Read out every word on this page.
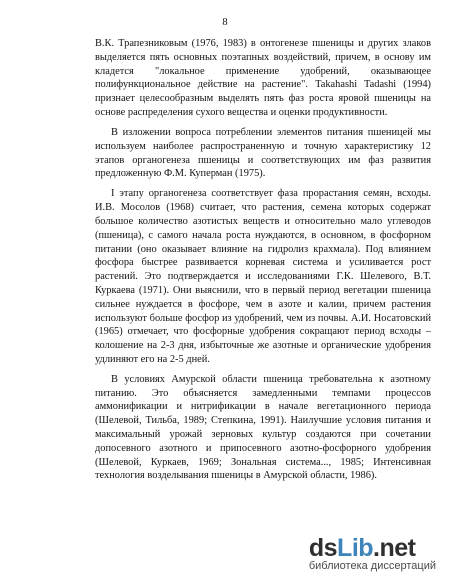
8

В.К. Трапезниковым (1976, 1983) в онтогенезе пшеницы и других злаков выделяется пять основных поэтапных воздействий, причем, в основу им кладется "локальное применение удобрений, оказывающее полифункциональное действие на растение". Takahashi Tadashi (1994) признает целесообразным выделять пять фаз роста яровой пшеницы на основе распределения сухого вещества и оценки продуктивности.

В изложении вопроса потреблении элементов питания пшеницей мы используем наиболее распространенную и точную характеристику 12 этапов органогенеза пшеницы и соответствующих им фаз развития предложенную Ф.М. Куперман (1975).

I этапу органогенеза соответствует фаза прорастания семян, всходы. И.В. Мосолов (1968) считает, что растения, семена которых содержат большое количество азотистых веществ и относительно мало углеводов (пшеница), с самого начала роста нуждаются, в основном, в фосфорном питании (оно оказывает влияние на гидролиз крахмала). Под влиянием фосфора быстрее развивается корневая система и усиливается рост растений. Это подтверждается и исследованиями Г.К. Шелевого, В.Т. Куркаева (1971). Они выяснили, что в первый период вегетации пшеница сильнее нуждается в фосфоре, чем в азоте и калии, причем растения используют больше фосфор из удобрений, чем из почвы. А.И. Носатовский (1965) отмечает, что фосфорные удобрения сокращают период всходы – колошение на 2-3 дня, избыточные же азотные и органические удобрения удлиняют его на 2-5 дней.

В условиях Амурской области пшеница требовательна к азотному питанию. Это объясняется замедленными темпами процессов аммонификации и нитрификации в начале вегетационного периода (Шелевой, Тильба, 1989; Степкина, 1991). Наилучшие условия питания и максимальный урожай зерновых культур создаются при сочетании допосевного азотного и припосевного азотно-фосфорного удобрения (Шелевой, Куркаев, 1969; Зональная система..., 1985; Интенсивная технология возделывания пшеницы в Амурской области, 1986).

dsLib.net
библиотека диссертаций
